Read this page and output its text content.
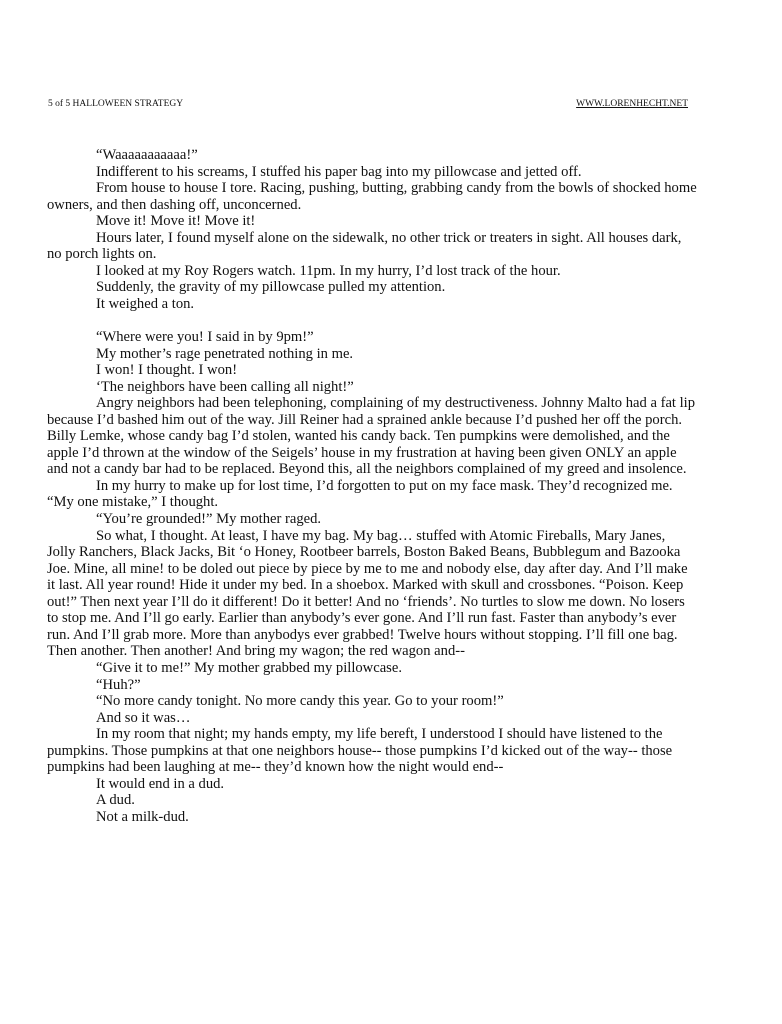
5 of 5 HALLOWEEN STRATEGY	WWW.LORENHECHT.NET

“Waaaaaaaaaaa!”

Indifferent to his screams, I stuffed his paper bag into my pillowcase and jetted off.

From house to house I tore. Racing, pushing, butting, grabbing candy from the bowls of shocked home owners, and then dashing off, unconcerned.

Move it! Move it! Move it!

Hours later, I found myself alone on the sidewalk, no other trick or treaters in sight. All houses dark, no porch lights on.

I looked at my Roy Rogers watch. 11pm. In my hurry, I’d lost track of the hour.

Suddenly, the gravity of my pillowcase pulled my attention.

It weighed a ton.

“Where were you! I said in by 9pm!”

My mother’s rage penetrated nothing in me.

I won! I thought. I won!

‘The neighbors have been calling all night!”

Angry neighbors had been telephoning, complaining of my destructiveness. Johnny Malto had a fat lip because I’d bashed him out of the way. Jill Reiner had a sprained ankle because I’d pushed her off the porch. Billy Lemke, whose candy bag I’d stolen, wanted his candy back. Ten pumpkins were demolished, and the apple I’d thrown at the window of the Seigels’ house in my frustration at having been given ONLY an apple and not a candy bar had to be replaced. Beyond this, all the neighbors complained of my greed and insolence.

In my hurry to make up for lost time, I’d forgotten to put on my face mask. They’d recognized me. “My one mistake,” I thought.

“You’re grounded!” My mother raged.

So what, I thought. At least, I have my bag. My bag… stuffed with Atomic Fireballs, Mary Janes, Jolly Ranchers, Black Jacks, Bit ‘o Honey, Rootbeer barrels, Boston Baked Beans, Bubblegum and Bazooka Joe. Mine, all mine! to be doled out piece by piece by me to me and nobody else, day after day. And I’ll make it last. All year round! Hide it under my bed. In a shoebox. Marked with skull and crossbones. “Poison. Keep out!” Then next year I’ll do it different! Do it better! And no ‘friends’. No turtles to slow me down. No losers to stop me. And I’ll go early. Earlier than anybody’s ever gone. And I’ll run fast. Faster than anybody’s ever run. And I’ll grab more. More than anybodys ever grabbed! Twelve hours without stopping. I’ll fill one bag. Then another. Then another! And bring my wagon; the red wagon and--

“Give it to me!” My mother grabbed my pillowcase.

“Huh?”

“No more candy tonight. No more candy this year. Go to your room!”

And so it was…

In my room that night; my hands empty, my life bereft, I understood I should have listened to the pumpkins. Those pumpkins at that one neighbors house-- those pumpkins I’d kicked out of the way-- those pumpkins had been laughing at me-- they’d known how the night would end--

It would end in a dud.

A dud.

Not a milk-dud.
